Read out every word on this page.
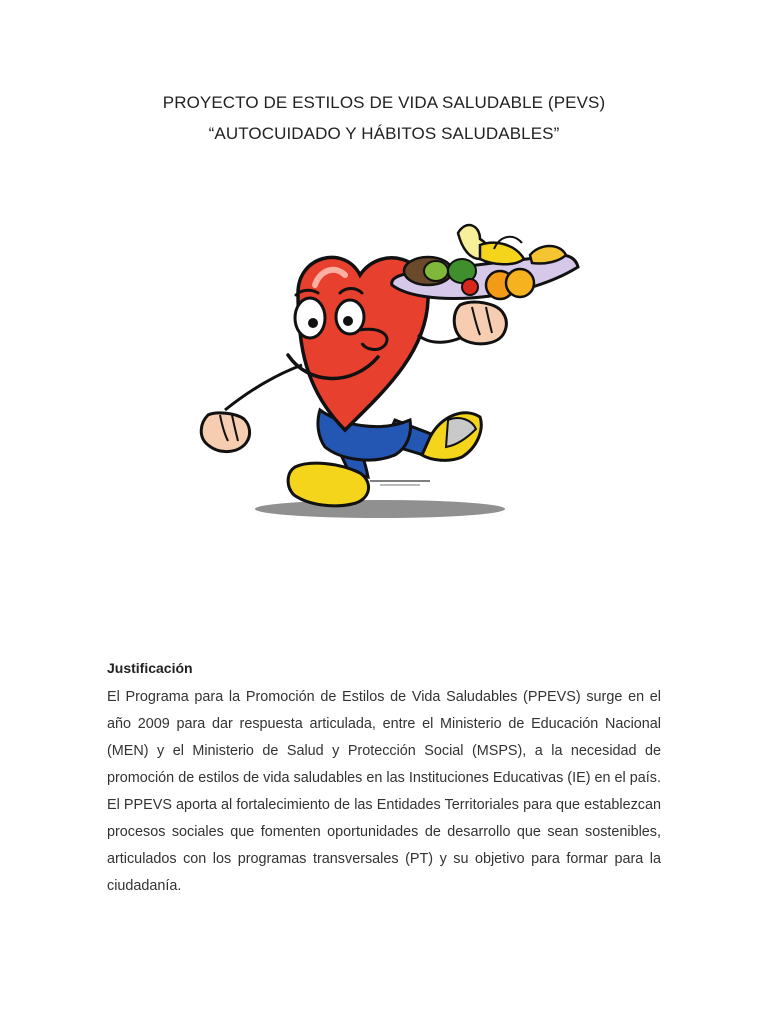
PROYECTO DE ESTILOS DE VIDA SALUDABLE (PEVS)
“AUTOCUIDADO Y HÁBITOS SALUDABLES”
Justificación
El Programa para la Promoción de Estilos de Vida Saludables (PPEVS) surge en el año 2009 para dar respuesta articulada, entre el Ministerio de Educación Nacional (MEN) y el Ministerio de Salud y Protección Social (MSPS), a la necesidad de promoción de estilos de vida saludables en las Instituciones Educativas (IE) en el país. El PPEVS aporta al fortalecimiento de las Entidades Territoriales para que establezcan procesos sociales que fomenten oportunidades de desarrollo que sean sostenibles, articulados con los programas transversales (PT) y su objetivo para formar para la ciudadanía.
